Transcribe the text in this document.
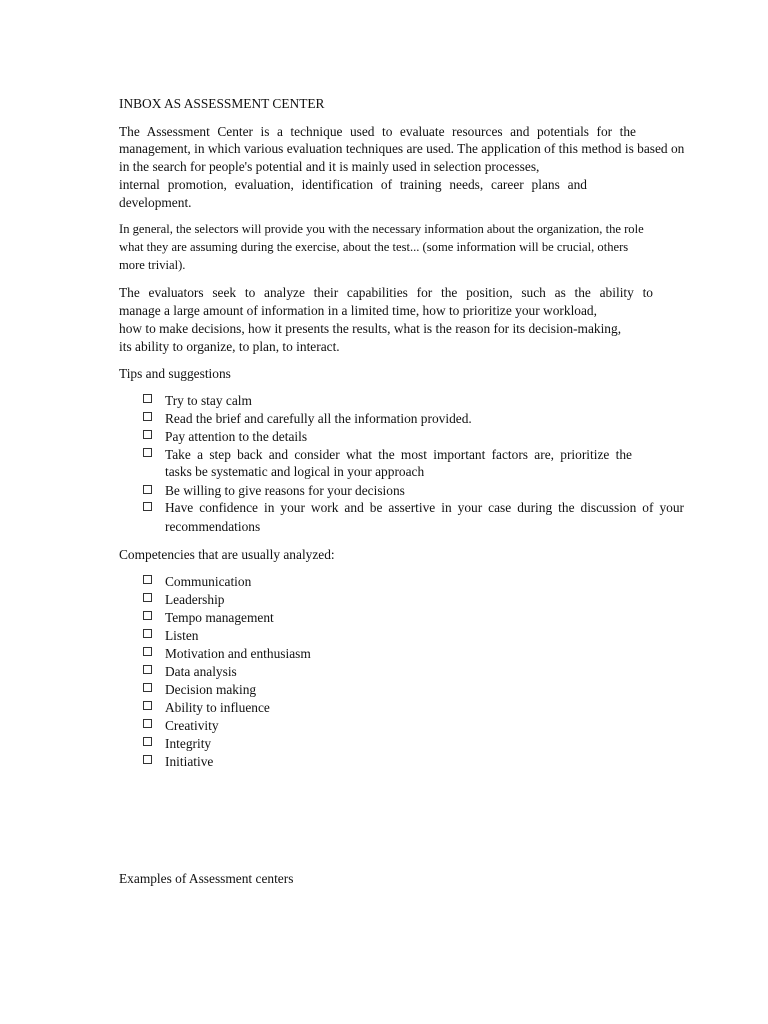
INBOX AS ASSESSMENT CENTER
The Assessment Center is a technique used to evaluate resources and potentials for the
management, in which various evaluation techniques are used. The application of this method is based on
in the search for people's potential and it is mainly used in selection processes,
internal promotion, evaluation, identification of training needs, career plans and
development.
In general, the selectors will provide you with the necessary information about the organization, the role
what they are assuming during the exercise, about the test... (some information will be crucial, others
more trivial).
The evaluators seek to analyze their capabilities for the position, such as the ability to
manage a large amount of information in a limited time, how to prioritize your workload,
how to make decisions, how it presents the results, what is the reason for its decision-making,
its ability to organize, to plan, to interact.
Tips and suggestions
Try to stay calm
Read the brief and carefully all the information provided.
Pay attention to the details
Take a step back and consider what the most important factors are, prioritize the
tasks be systematic and logical in your approach
Be willing to give reasons for your decisions
Have confidence in your work and be assertive in your case during the discussion of your
recommendations
Competencies that are usually analyzed:
Communication
Leadership
Tempo management
Listen
Motivation and enthusiasm
Data analysis
Decision making
Ability to influence
Creativity
Integrity
Initiative
Examples of Assessment centers
